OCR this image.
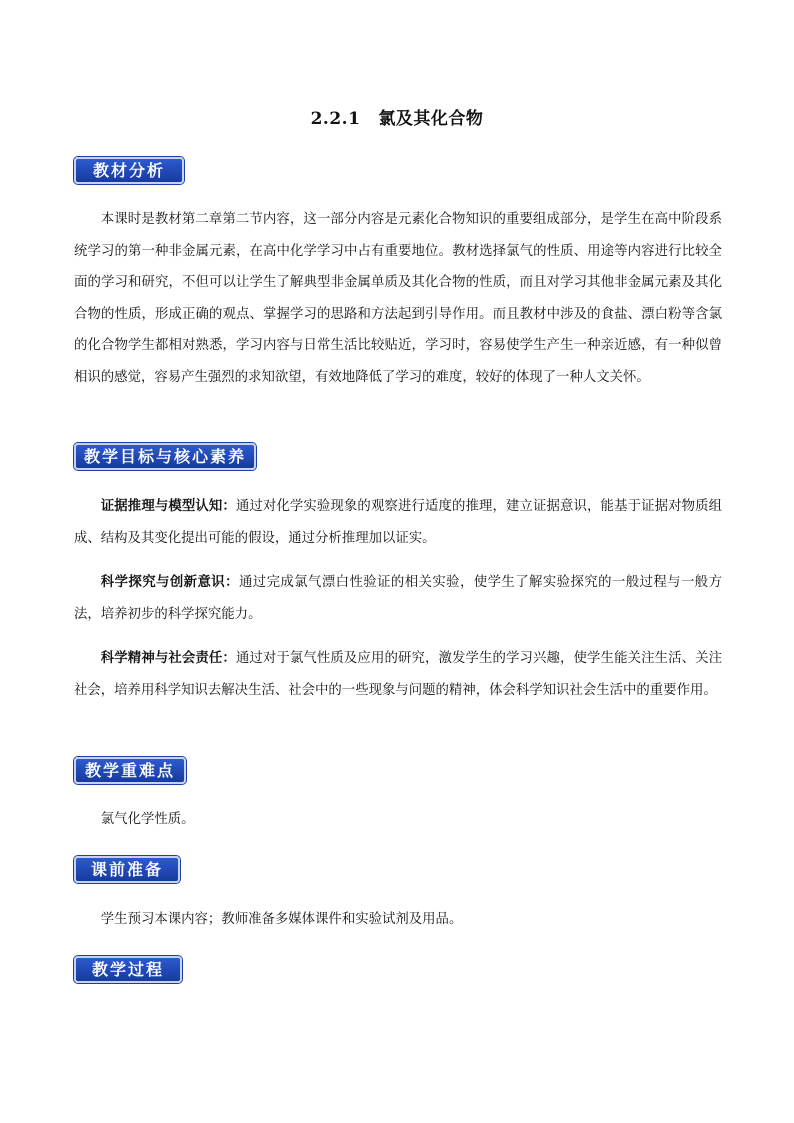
2.2.1 氯及其化合物
教材分析

本课时是教材第二章第二节内容，这一部分内容是元素化合物知识的重要组成部分，是学生在高中阶段系统学习的第一种非金属元素，在高中化学学习中占有重要地位。教材选择氯气的性质、用途等内容进行比较全面的学习和研究，不但可以让学生了解典型非金属单质及其化合物的性质，而且对学习其他非金属元素及其化合物的性质，形成正确的观点、掌握学习的思路和方法起到引导作用。而且教材中涉及的食盐、漂白粉等含氯的化合物学生都相对熟悉，学习内容与日常生活比较贴近，学习时，容易使学生产生一种亲近感，有一种似曾相识的感觉，容易产生强烈的求知欲望，有效地降低了学习的难度，较好的体现了一种人文关怀。

教学目标与核心素养

证据推理与模型认知：通过对化学实验现象的观察进行适度的推理，建立证据意识，能基于证据对物质组成、结构及其变化提出可能的假设，通过分析推理加以证实。

科学探究与创新意识：通过完成氯气漂白性验证的相关实验，使学生了解实验探究的一般过程与一般方法，培养初步的科学探究能力。

科学精神与社会责任：通过对于氯气性质及应用的研究，激发学生的学习兴趣，使学生能关注生活、关注社会，培养用科学知识去解决生活、社会中的一些现象与问题的精神，体会科学知识社会生活中的重要作用。

教学重难点

氯气化学性质。

课前准备

学生预习本课内容；教师准备多媒体课件和实验试剂及用品。

教学过程
